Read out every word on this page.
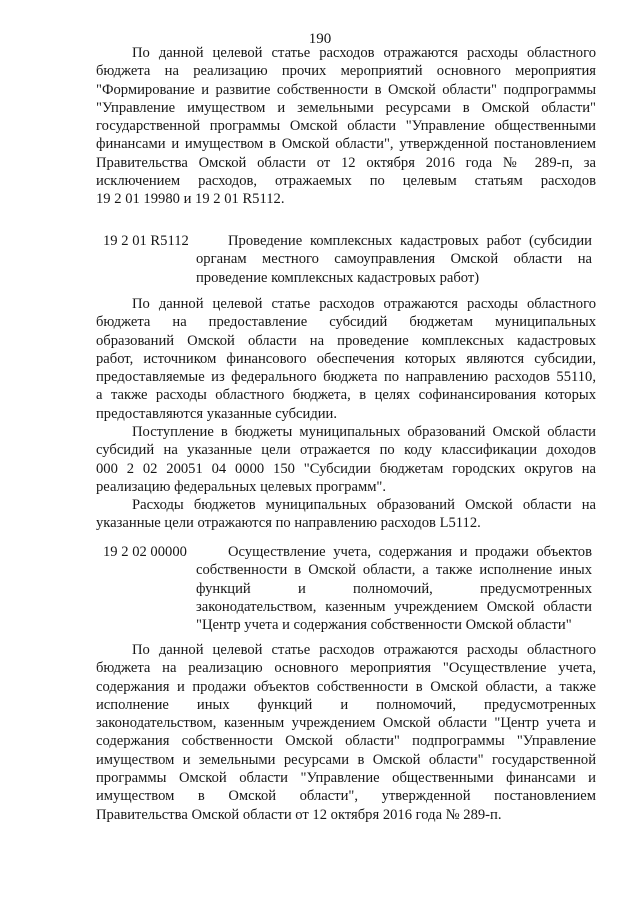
190
По данной целевой статье расходов отражаются расходы областного
бюджета на реализацию прочих мероприятий основного мероприятия
"Формирование и развитие собственности в Омской области" подпрограммы
"Управление имуществом и земельными ресурсами в Омской области"
государственной программы Омской области "Управление общественными
финансами и имуществом в Омской области", утвержденной постановлением
Правительства Омской области от 12 октября 2016 года № 289-п, за
исключением расходов, отражаемых по целевым статьям расходов
19 2 01 19980 и 19 2 01 R5112.
19 2 01 R5112	Проведение комплексных кадастровых работ (субсидии
органам местного самоуправления Омской области на
проведение комплексных кадастровых работ)
По данной целевой статье расходов отражаются расходы областного
бюджета на предоставление субсидий бюджетам муниципальных
образований Омской области на проведение комплексных кадастровых
работ, источником финансового обеспечения которых являются субсидии,
предоставляемые из федерального бюджета по направлению расходов 55110,
а также расходы областного бюджета, в целях софинансирования которых
предоставляются указанные субсидии.
Поступление в бюджеты муниципальных образований Омской области
субсидий на указанные цели отражается по коду классификации доходов
000 2 02 20051 04 0000 150 "Субсидии бюджетам городских округов на
реализацию федеральных целевых программ".
Расходы бюджетов муниципальных образований Омской области на
указанные цели отражаются по направлению расходов L5112.
19 2 02 00000	Осуществление учета, содержания и продажи объектов
собственности в Омской области, а также исполнение иных
функций и полномочий, предусмотренных
законодательством, казенным учреждением Омской области
"Центр учета и содержания собственности Омской области"
По данной целевой статье расходов отражаются расходы областного
бюджета на реализацию основного мероприятия "Осуществление учета,
содержания и продажи объектов собственности в Омской области, а также
исполнение иных функций и полномочий, предусмотренных
законодательством, казенным учреждением Омской области "Центр учета и
содержания собственности Омской области" подпрограммы "Управление
имуществом и земельными ресурсами в Омской области" государственной
программы Омской области "Управление общественными финансами и
имуществом в Омской области", утвержденной постановлением
Правительства Омской области от 12 октября 2016 года № 289-п.
